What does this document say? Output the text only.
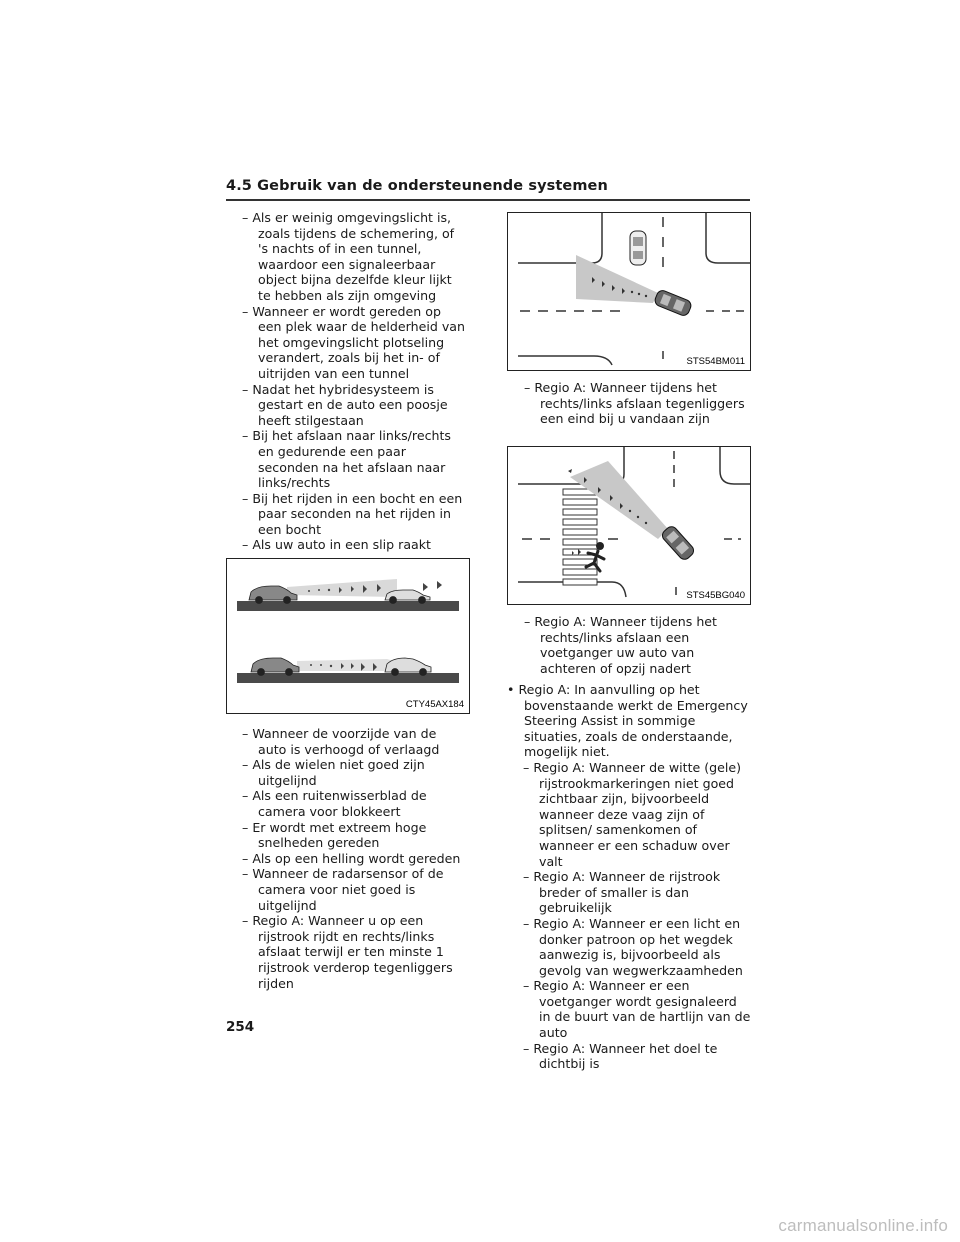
4.5 Gebruik van de ondersteunende systemen

– Als er weinig omgevingslicht is, zoals tijdens de schemering, of 's nachts of in een tunnel, waardoor een signaleerbaar object bijna dezelfde kleur lijkt te hebben als zijn omgeving

– Wanneer er wordt gereden op een plek waar de helderheid van het omgevingslicht plotseling verandert, zoals bij het in- of uitrijden van een tunnel

– Nadat het hybridesysteem is gestart en de auto een poosje heeft stilgestaan

– Bij het afslaan naar links/rechts en gedurende een paar seconden na het afslaan naar links/rechts

– Bij het rijden in een bocht en een paar seconden na het rijden in een bocht

– Als uw auto in een slip raakt

CTY45AX184

– Wanneer de voorzijde van de auto is verhoogd of verlaagd

– Als de wielen niet goed zijn uitgelijnd

– Als een ruitenwisserblad de camera voor blokkeert

– Er wordt met extreem hoge snelheden gereden

– Als op een helling wordt gereden

– Wanneer de radarsensor of de camera voor niet goed is uitgelijnd

– Regio A: Wanneer u op een rijstrook rijdt en rechts/links afslaat terwijl er ten minste 1 rijstrook verderop tegenliggers rijden

STS54BM011

– Regio A: Wanneer tijdens het rechts/links afslaan tegenliggers een eind bij u vandaan zijn

STS45BG040

– Regio A: Wanneer tijdens het rechts/links afslaan een voetganger uw auto van achteren of opzij nadert

• Regio A: In aanvulling op het bovenstaande werkt de Emergency Steering Assist in sommige situaties, zoals de onderstaande, mogelijk niet.

– Regio A: Wanneer de witte (gele) rijstrookmarkeringen niet goed zichtbaar zijn, bijvoorbeeld wanneer deze vaag zijn of splitsen/ samenkomen of wanneer er een schaduw over valt

– Regio A: Wanneer de rijstrook breder of smaller is dan gebruikelijk

– Regio A: Wanneer er een licht en donker patroon op het wegdek aanwezig is, bijvoorbeeld als gevolg van wegwerkzaamheden

– Regio A: Wanneer er een voetganger wordt gesignaleerd in de buurt van de hartlijn van de auto

– Regio A: Wanneer het doel te dichtbij is

254
carmanualsonline.info
